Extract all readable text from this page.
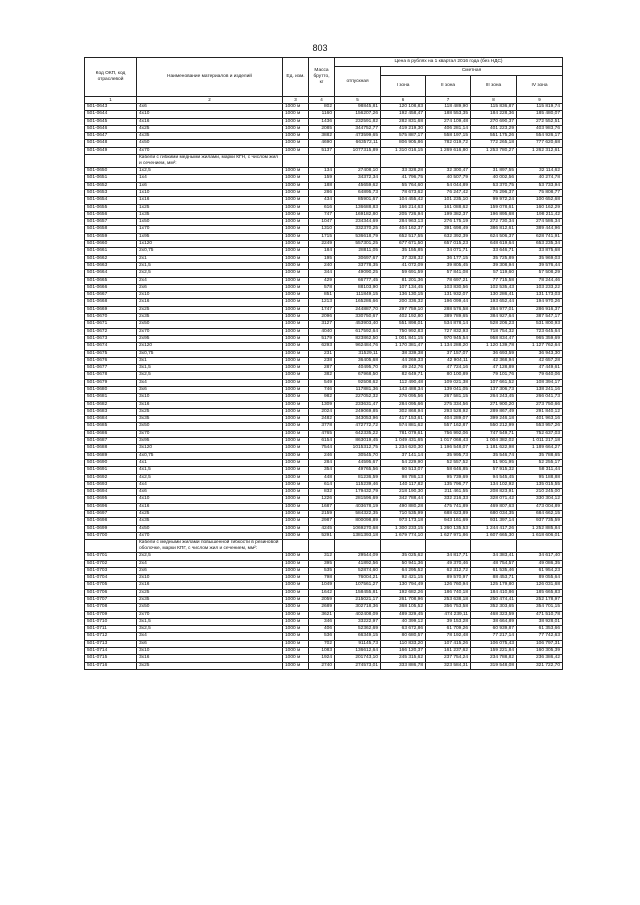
803
Код ОКП, код отраслевой	Наименование материалов и изделий	Ед. изм.	Масса брутто, кг	Цена в рублях на 1 квартал 2016 года (без НДС)				
				отпускная	Сметная			
					I зона	II зона	III зона	IV зона
1	2	3	4	5	6	7	8	9
501-0643	4x6	1000 м	802	98845,81	120 108,83	118 489,90	115 836,87	115 819,74
501-0644	4x10	1000 м	1160	156207,26	192 458,47	188 553,35	184 228,36	185 480,07
501-0645	4x16	1000 м	1436	232591,82	282 831,68	274 109,48	270 690,37	272 552,51
501-0646	4x25	1000 м	2085	344752,77	419 219,30	406 281,14	401 223,29	403 983,76
501-0647	4x35	1000 м	3882	473599,65	575 887,17	558 197,15	551 175,26	554 926,17
501-0648	4x50	1000 м	4690	663572,11	806 905,86	782 019,72	772 265,18	777 620,68
501-0649	4x70	1000 м	5137	1077315,89	1 310 016,15	1 269 616,80	1 253 780,27	1 262 312,61
	Кабели с гибкими медными жилами, марки КГН, с числом жил и сечением, мм²:							
501-0650	1x2,5	1000 м	134	27408,10	33 328,28	32 300,47	31 897,55	32 114,62
501-0651	1x4	1000 м	159	34372,34	41 796,75	40 507,79	40 002,56	40 274,78
501-0652	1x6	1000 м	188	45659,62	55 764,60	54 044,89	53 370,75	53 733,94
501-0653	1x10	1000 м	286	64895,73	78 673,62	76 247,42	75 296,37	75 808,77
501-0654	1x16	1000 м	434	85901,67	104 455,42	101 235,10	99 972,24	100 652,68
501-0655	1x25	1000 м	616	136688,83	166 214,63	161 088,62	159 078,61	160 162,29
501-0656	1x35	1000 м	747	169182,80	205 726,94	199 382,37	196 895,68	198 211,42
501-0657	1x50	1000 м	1047	234344,69	284 963,13	276 175,19	272 730,34	274 586,34
501-0658	1x70	1000 м	1310	332370,25	404 162,37	391 698,49	386 812,61	389 444,96
501-0659	1x95	1000 м	1715	536618,79	652 517,55	632 392,39	624 506,37	628 741,91
501-0660	1x120	1000 м	2249	557301,25	677 671,50	657 015,23	648 619,64	653 235,34
501-0661	2x0,75	1000 м	184	28811,05	35 155,85	34 071,71	33 646,71	33 875,68
501-0662	2x1	1000 м	195	30697,67	37 328,32	36 177,15	35 725,89	35 969,03
501-0663	2x1,5	1000 м	240	33778,35	41 072,09	39 805,45	39 308,94	39 576,44
501-0664	2x2,5	1000 м	344	49090,25	59 691,59	57 841,08	57 119,60	57 508,29
501-0665	2x4	1000 м	429	66777,45	81 201,36	78 697,21	77 715,58	78 244,46
501-0666	2x6	1000 м	578	88103,90	107 134,45	103 830,56	102 535,43	103 233,22
501-0667	2x10	1000 м	851	111849,15	136 130,15	131 932,07	130 286,41	131 173,03
501-0668	2x16	1000 м	1213	165286,66	200 336,32	196 099,44	193 652,44	194 970,26
501-0669	2x25	1000 м	1747	244887,70	297 759,10	288 576,58	284 977,01	286 916,37
501-0670	2x35	1000 м	2096	330750,67	402 192,80	389 789,65	384 927,64	387 547,17
501-0671	2x50	1000 м	3127	453903,40	551 898,01	534 878,14	528 206,23	531 800,93
501-0672	2x70	1000 м	4040	617592,64	750 992,83	727 832,93	718 754,32	723 645,64
501-0673	2x95	1000 м	5179	823862,50	1 001 841,15	970 945,54	958 834,47	965 359,69
501-0674	2x120	1000 м	6293	962484,76	1 170 381,47	1 134 288,20	1 120 139,78	1 127 762,64
501-0675	3x0,75	1000 м	231	31529,11	38 339,38	37 157,07	36 693,59	36 943,30
501-0676	3x1	1000 м	238	36405,68	44 269,33	42 904,11	42 368,94	42 657,28
501-0677	3x1,5	1000 м	287	40495,70	49 242,76	47 724,16	47 128,89	47 449,61
501-0678	3x2,5	1000 м	382	67968,50	82 649,71	80 100,89	79 101,76	79 640,06
501-0679	3x4	1000 м	549	92508,62	112 490,48	109 021,38	107 661,52	108 394,17
501-0680	3x6	1000 м	746	117881,36	143 488,34	139 041,05	137 306,73	138 241,16
501-0681	3x10	1000 м	982	227052,32	276 095,56	267 581,15	264 243,45	266 041,73
501-0682	3x16	1000 м	1309	233631,47	284 095,66	275 334,56	271 900,20	273 750,66
501-0683	3x25	1000 м	2024	249069,85	302 868,94	293 528,92	289 867,49	291 840,12
501-0684	3x35	1000 м	2482	343053,96	417 153,61	404 289,07	399 246,18	401 963,16
501-0685	3x50	1000 м	3778	472772,72	574 881,62	557 162,87	550 212,99	553 957,26
501-0686	3x70	1000 м	4765	642335,22	781 079,61	756 992,06	747 549,71	752 637,03
501-0687	3x95	1000 м	6154	863019,45	1 049 431,65	1 017 068,43	1 004 382,02	1 011 217,18
501-0688	3x120	1000 м	7544	1015312,75	1 234 620,30	1 196 548,07	1 181 622,98	1 189 664,27
501-0689	4x0,75	1000 м	246	30545,70	37 141,14	35 995,73	35 546,74	35 788,65
501-0690	4x1	1000 м	284	44595,67	54 229,90	52 557,52	51 901,95	52 255,17
501-0691	4x1,5	1000 м	354	49765,56	60 513,07	58 646,85	57 915,32	58 311,44
501-0692	4x2,5	1000 м	448	81236,59	98 786,13	95 739,69	94 545,45	95 188,88
501-0693	4x4	1000 м	614	115239,46	140 117,82	135 796,77	134 102,92	135 015,55
501-0694	4x6	1000 м	832	179432,79	218 190,30	211 461,55	208 823,91	210 245,00
501-0695	4x10	1000 м	1226	281596,69	342 788,44	332 216,33	328 071,42	330 304,12
501-0696	4x16	1000 м	1687	403678,19	490 880,28	475 741,89	469 807,63	473 004,89
501-0697	4x25	1000 м	2159	584322,35	710 535,99	688 623,89	680 034,35	684 662,15
501-0698	4x35	1000 м	2987	800098,89	973 173,18	943 161,69	931 397,14	937 735,59
501-0699	4x50	1000 м	4245	1069270,68	1 300 233,15	1 260 135,53	1 244 417,26	1 252 885,84
501-0700	4x70	1000 м	5291	1381393,18	1 679 774,10	1 627 971,86	1 607 665,30	1 618 606,01
	Кабели с медными жилами повышенной гибкости в резиновой оболочке, марки КПГ, с числом жил и сечением, мм²:							
501-0701	2x2,5	1000 м	312	29544,09	35 025,62	34 817,71	34 383,41	34 617,40
501-0702	2x4	1000 м	395	41892,56	50 941,36	49 370,46	48 754,57	49 086,35
501-0703	2x6	1000 м	535	52874,60	64 295,52	62 312,72	61 535,46	61 954,23
501-0704	2x10	1000 м	798	76004,21	92 421,15	89 570,97	88 453,71	89 055,64
501-0705	2x16	1000 м	1049	107561,27	130 794,49	126 760,94	125 179,80	126 031,68
501-0706	2x25	1000 м	1642	158455,81	192 682,26	186 740,18	184 410,86	185 665,83
501-0707	2x35	1000 м	2059	215021,17	261 708,96	253 638,18	250 474,41	252 178,97
501-0708	2x50	1000 м	2689	302718,36	368 105,52	356 753,58	352 303,65	354 701,15
501-0709	2x70	1000 м	3621	402408,09	489 329,45	474 239,11	468 323,59	471 510,78
501-0710	3x1,5	1000 м	346	33222,97	40 399,12	39 153,28	38 664,89	38 928,01
501-0711	3x2,5	1000 м	406	52362,69	63 672,86	61 709,26	60 939,87	61 353,66
501-0712	3x4	1000 м	536	66349,15	80 680,57	78 192,48	77 217,14	77 742,63
501-0713	3x6	1000 м	702	91145,73	110 833,20	107 415,26	106 075,43	106 797,31
501-0714	3x10	1000 м	1083	136612,64	166 120,37	161 237,62	159 221,84	160 305,39
501-0715	3x16	1000 м	1924	201743,10	245 315,62	237 754,24	234 788,82	236 386,42
501-0716	3x25	1000 м	2740	274573,01	333 886,78	323 584,31	319 548,08	321 722,70
